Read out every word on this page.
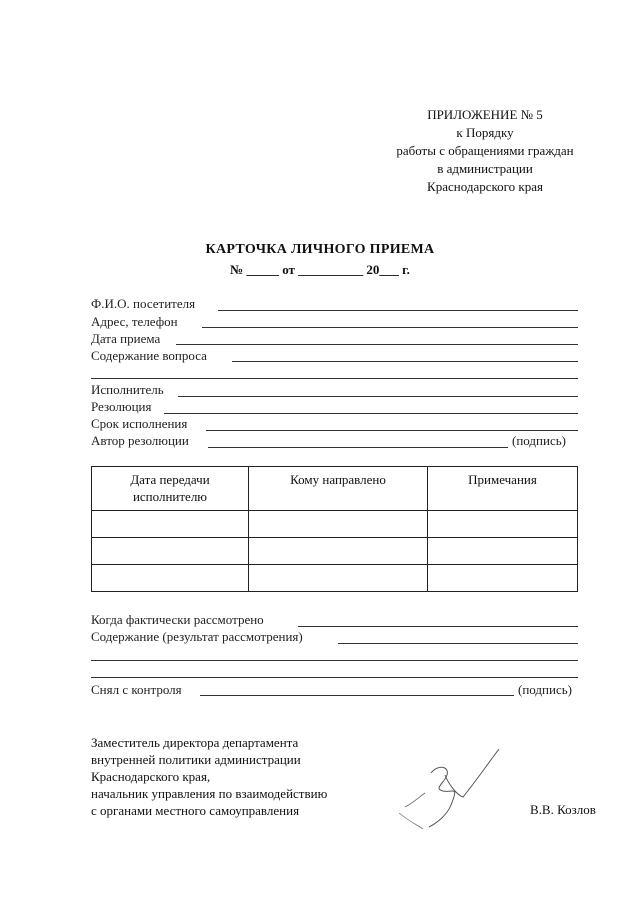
ПРИЛОЖЕНИЕ № 5
к Порядку
работы с обращениями граждан
в администрации
Краснодарского края
КАРТОЧКА ЛИЧНОГО ПРИЕМА
№ _____ от __________ 20___ г.
Ф.И.О. посетителя
Адрес, телефон
Дата приема
Содержание вопроса
Исполнитель
Резолюция
Срок исполнения
Автор резолюции	(подпись)
Дата передачи исполнителю	Кому направлено	Примечания

Когда фактически рассмотрено
Содержание (результат рассмотрения)
Снял с контроля	(подпись)
Заместитель директора департамента
внутренней политики администрации
Краснодарского края,
начальник управления по взаимодействию
с органами местного самоуправления	В.В. Козлов
